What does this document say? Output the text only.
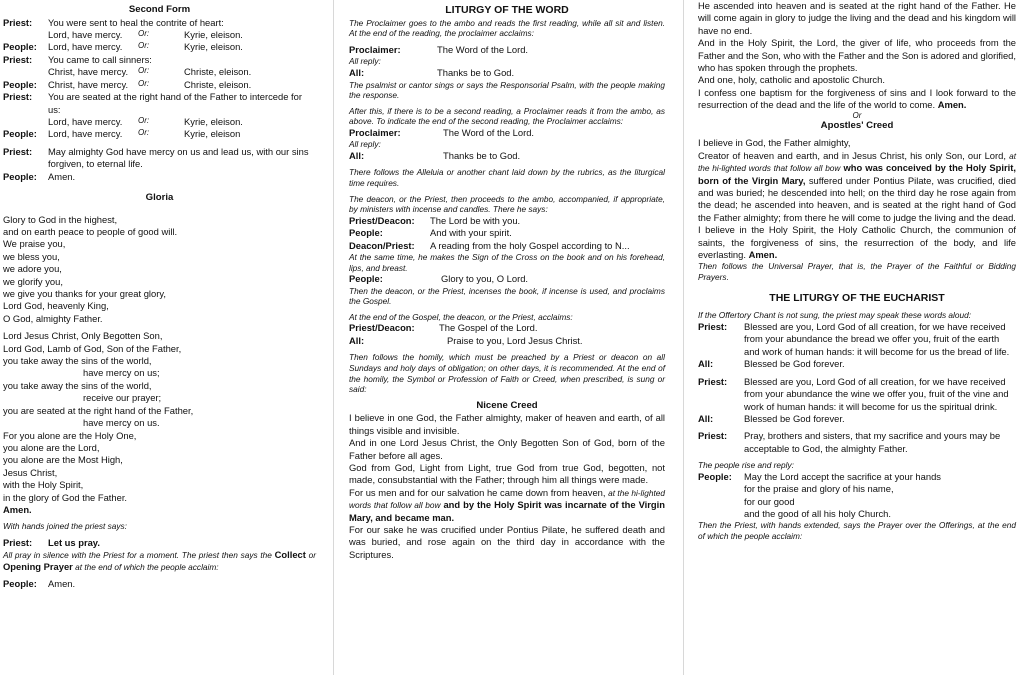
Second Form
Priest:	You were sent to heal the contrite of heart:
Lord, have mercy.	Or:	Kyrie, eleison.
People:	Lord, have mercy.	Or:	Kyrie, eleison.
Priest:	You came to call sinners:
Christ, have mercy.	Or:	Christe, eleison.
People:	Christ, have mercy.	Or:	Christe, eleison.
Priest:	You are seated at the right hand of the Father to intercede for us:
Lord, have mercy.	Or:	Kyrie, eleison.
People:	Lord, have mercy.	Or:	Kyrie, eleison
Priest:	May almighty God have mercy on us and lead us, with our sins forgiven, to eternal life.
People:	Amen.
Gloria
Glory to God in the highest,
and on earth peace to people of good will.
We praise you,
we bless you,
we adore you,
we glorify you,
we give you thanks for your great glory,
Lord God, heavenly King,
O God, almighty Father.
Lord Jesus Christ, Only Begotten Son,
Lord God, Lamb of God, Son of the Father,
you take away the sins of the world,
have mercy on us;
you take away the sins of the world,
receive our prayer;
you are seated at the right hand of the Father,
have mercy on us.
For you alone are the Holy One,
you alone are the Lord,
you alone are the Most High,
Jesus Christ,
with the Holy Spirit,
in the glory of God the Father.
Amen.
With hands joined the priest says:
Priest:	Let us pray.
All pray in silence with the Priest for a moment. The priest then says the Collect or Opening Prayer at the end of which the people acclaim:
People:	Amen.
LITURGY OF THE WORD
The Proclaimer goes to the ambo and reads the first reading, while all sit and listen. At the end of the reading, the proclaimer acclaims:
Proclaimer:	The Word of the Lord.
All reply:
All:	Thanks be to God.
The psalmist or cantor sings or says the Responsorial Psalm, with the people making the response.
After this, if there is to be a second reading, a Proclaimer reads it from the ambo, as above. To indicate the end of the second reading, the Proclaimer acclaims:
Proclaimer:	The Word of the Lord.
All reply:
All:	Thanks be to God.
There follows the Alleluia or another chant laid down by the rubrics, as the liturgical time requires.
The deacon, or the Priest, then proceeds to the ambo, accompanied, if appropriate, by ministers with incense and candles. There he says:
Priest/Deacon:	The Lord be with you.
People:	And with your spirit.
Deacon/Priest:	A reading from the holy Gospel according to N...
At the same time, he makes the Sign of the Cross on the book and on his forehead, lips, and breast.
People:	Glory to you, O Lord.
Then the deacon, or the Priest, incenses the book, if incense is used, and proclaims the Gospel.
At the end of the Gospel, the deacon, or the Priest, acclaims:
Priest/Deacon:	The Gospel of the Lord.
All:	Praise to you, Lord Jesus Christ.
Then follows the homily, which must be preached by a Priest or deacon on all Sundays and holy days of obligation; on other days, it is recommended. At the end of the homily, the Symbol or Profession of Faith or Creed, when prescribed, is sung or said:
Nicene Creed
I believe in one God, the Father almighty, maker of heaven and earth, of all things visible and invisible.
And in one Lord Jesus Christ, the Only Begotten Son of God, born of the Father before all ages.
God from God, Light from Light, true God from true God, begotten, not made, consubstantial with the Father; through him all things were made.
For us men and for our salvation he came down from heaven, at the hi-lighted words that follow all bow and by the Holy Spirit was incarnate of the Virgin Mary, and became man.
For our sake he was crucified under Pontius Pilate, he suffered death and was buried, and rose again on the third day in accordance with the Scriptures.
He ascended into heaven and is seated at the right hand of the Father. He will come again in glory to judge the living and the dead and his kingdom will have no end.
And in the Holy Spirit, the Lord, the giver of life, who proceeds from the Father and the Son, who with the Father and the Son is adored and glorified, who has spoken through the prophets.
And one, holy, catholic and apostolic Church.
I confess one baptism for the forgiveness of sins and I look forward to the resurrection of the dead and the life of the world to come. Amen.
Or
Apostles' Creed
I believe in God, the Father almighty,
Creator of heaven and earth, and in Jesus Christ, his only Son, our Lord, at the hi-lighted words that follow all bow who was conceived by the Holy Spirit, born of the Virgin Mary, suffered under Pontius Pilate, was crucified, died and was buried; he descended into hell; on the third day he rose again from the dead; he ascended into heaven, and is seated at the right hand of God the Father almighty; from there he will come to judge the living and the dead.
I believe in the Holy Spirit, the Holy Catholic Church, the communion of saints, the forgiveness of sins, the resurrection of the body, and life everlasting. Amen.
Then follows the Universal Prayer, that is, the Prayer of the Faithful or Bidding Prayers.
THE LITURGY OF THE EUCHARIST
If the Offertory Chant is not sung, the priest may speak these words aloud:
Priest:	Blessed are you, Lord God of all creation, for we have received from your abundance the bread we offer you, fruit of the earth and work of human hands: it will become for us the bread of life.
All:	Blessed be God forever.
Priest:	Blessed are you, Lord God of all creation, for we have received from your abundance the wine we offer you, fruit of the vine and work of human hands: it will become for us the spiritual drink.
All:	Blessed be God forever.
Priest:	Pray, brothers and sisters, that my sacrifice and yours may be acceptable to God, the almighty Father.
The people rise and reply:
People:	May the Lord accept the sacrifice at your hands
for the praise and glory of his name,
for our good
and the good of all his holy Church.
Then the Priest, with hands extended, says the Prayer over the Offerings, at the end of which the people acclaim:
